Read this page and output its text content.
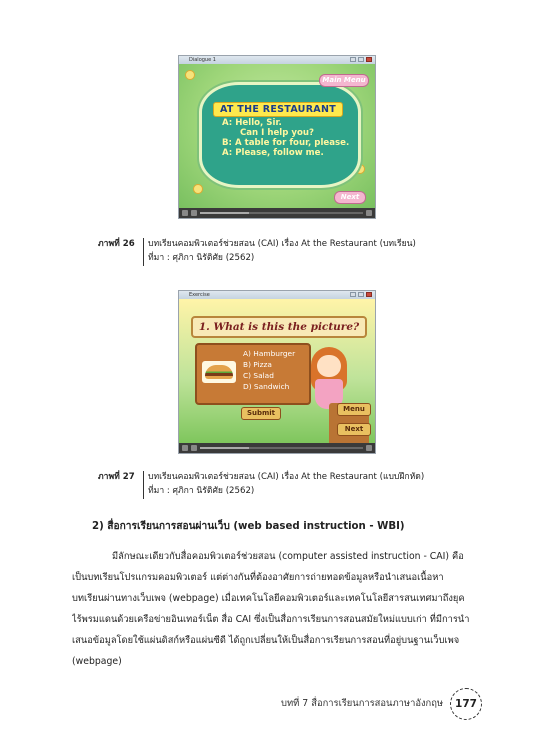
Dialogue 1
AT THE RESTAURANT
A: Hello, Sir.
Can I help you?
B: A table for four, please.
A: Please, follow me.
Main Menu
Next
ภาพที่ 26 บทเรียนคอมพิวเตอร์ช่วยสอน (CAI) เรื่อง At the Restaurant (บทเรียน)
ที่มา : ศุภิกา นิรัติศัย (2562)
Exercise
1. What is this the picture?
A) Hamburger
B) Pizza
C) Salad
D) Sandwich
Submit	Menu
Next
ภาพที่ 27 บทเรียนคอมพิวเตอร์ช่วยสอน (CAI) เรื่อง At the Restaurant (แบบฝึกหัด)
ที่มา : ศุภิกา นิรัติศัย (2562)
2) สื่อการเรียนการสอนผ่านเว็บ (web based instruction - WBI)

มีลักษณะเดียวกับสื่อคอมพิวเตอร์ช่วยสอน (computer assisted instruction - CAI) คือ

เป็นบทเรียนโปรแกรมคอมพิวเตอร์ แต่ต่างกันที่ต้องอาศัยการถ่ายทอดข้อมูลหรือนำเสนอเนื้อหา

บทเรียนผ่านทางเว็บเพจ (webpage) เมื่อเทคโนโลยีคอมพิวเตอร์และเทคโนโลยีสารสนเทศมาถึงยุค

ไร้พรมแดนด้วยเครือข่ายอินเทอร์เน็ต สื่อ CAI ซึ่งเป็นสื่อการเรียนการสอนสมัยใหม่แบบเก่า ที่มีการนำ

เสนอข้อมูลโดยใช้แผ่นดิสก์หรือแผ่นซีดี ได้ถูกเปลี่ยนให้เป็นสื่อการเรียนการสอนที่อยู่บนฐานเว็บเพจ

(webpage)

บทที่ 7 สื่อการเรียนการสอนภาษาอังกฤษ	177
